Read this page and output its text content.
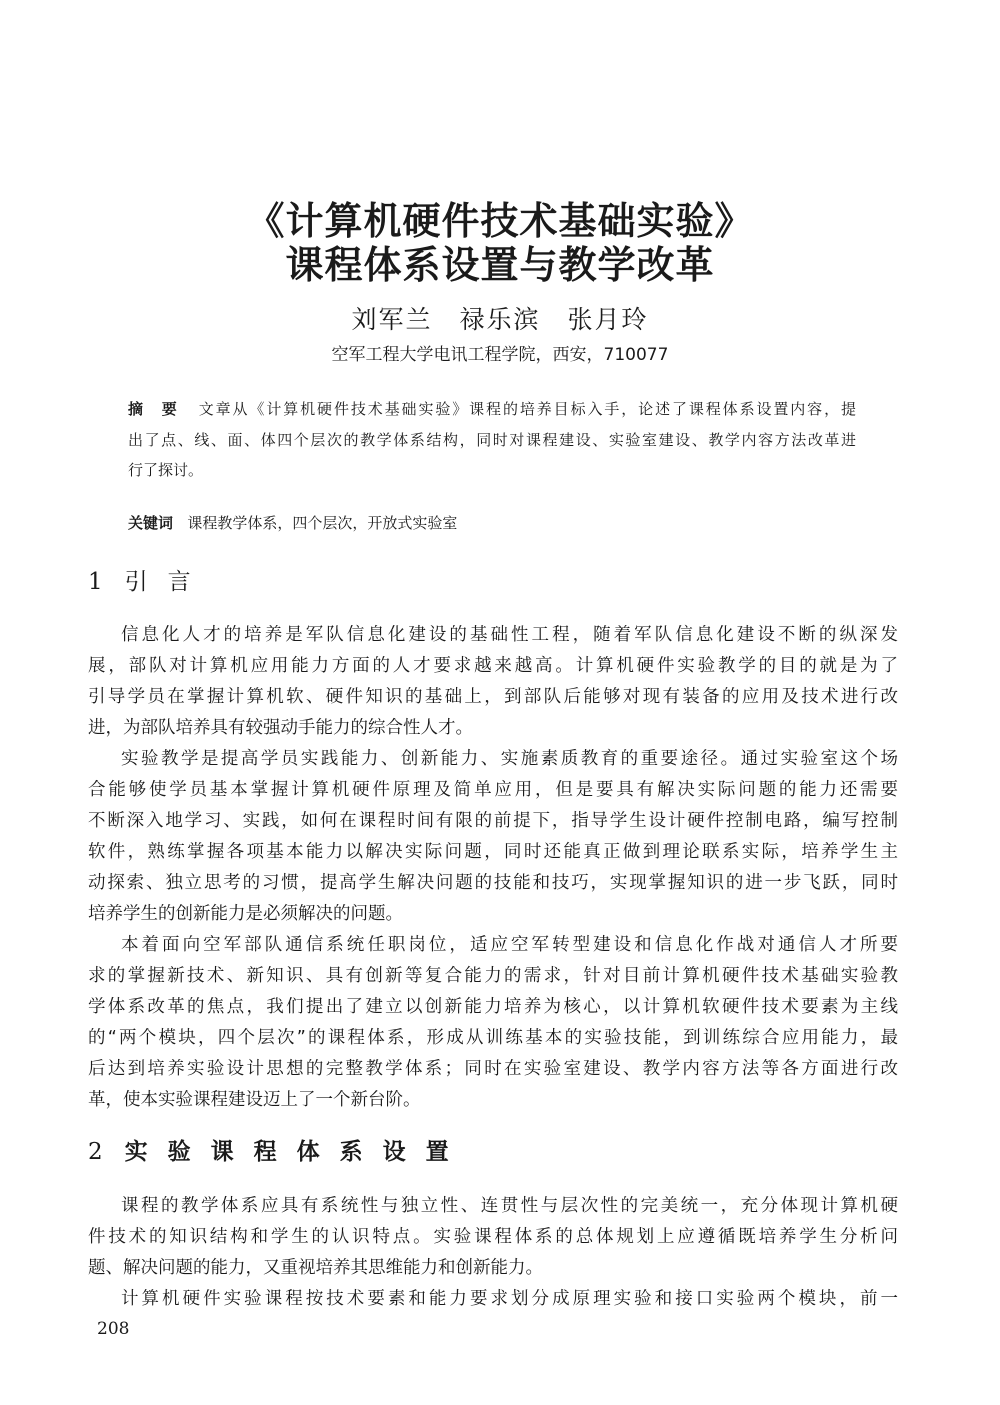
《计算机硬件技术基础实验》
课程体系设置与教学改革
刘军兰　禄乐滨　张月玲
空军工程大学电讯工程学院，西安，710077
摘　要 文章从《计算机硬件技术基础实验》课程的培养目标入手，论述了课程体系设置内容，提
出了点、线、面、体四个层次的教学体系结构，同时对课程建设、实验室建设、教学内容方法改革进
行了探讨。
关键词 课程教学体系，四个层次，开放式实验室
1 引言
信息化人才的培养是军队信息化建设的基础性工程，随着军队信息化建设不断的纵深发
展，部队对计算机应用能力方面的人才要求越来越高。计算机硬件实验教学的目的就是为了
引导学员在掌握计算机软、硬件知识的基础上，到部队后能够对现有装备的应用及技术进行改
进，为部队培养具有较强动手能力的综合性人才。
实验教学是提高学员实践能力、创新能力、实施素质教育的重要途径。通过实验室这个场
合能够使学员基本掌握计算机硬件原理及简单应用，但是要具有解决实际问题的能力还需要
不断深入地学习、实践，如何在课程时间有限的前提下，指导学生设计硬件控制电路，编写控制
软件，熟练掌握各项基本能力以解决实际问题，同时还能真正做到理论联系实际，培养学生主
动探索、独立思考的习惯，提高学生解决问题的技能和技巧，实现掌握知识的进一步飞跃，同时
培养学生的创新能力是必须解决的问题。
本着面向空军部队通信系统任职岗位，适应空军转型建设和信息化作战对通信人才所要
求的掌握新技术、新知识、具有创新等复合能力的需求，针对目前计算机硬件技术基础实验教
学体系改革的焦点，我们提出了建立以创新能力培养为核心，以计算机软硬件技术要素为主线
的“两个模块，四个层次”的课程体系，形成从训练基本的实验技能，到训练综合应用能力，最
后达到培养实验设计思想的完整教学体系；同时在实验室建设、教学内容方法等各方面进行改
革，使本实验课程建设迈上了一个新台阶。
2 实验课程体系设置
课程的教学体系应具有系统性与独立性、连贯性与层次性的完美统一，充分体现计算机硬
件技术的知识结构和学生的认识特点。实验课程体系的总体规划上应遵循既培养学生分析问
题、解决问题的能力，又重视培养其思维能力和创新能力。
计算机硬件实验课程按技术要素和能力要求划分成原理实验和接口实验两个模块，前一
208
